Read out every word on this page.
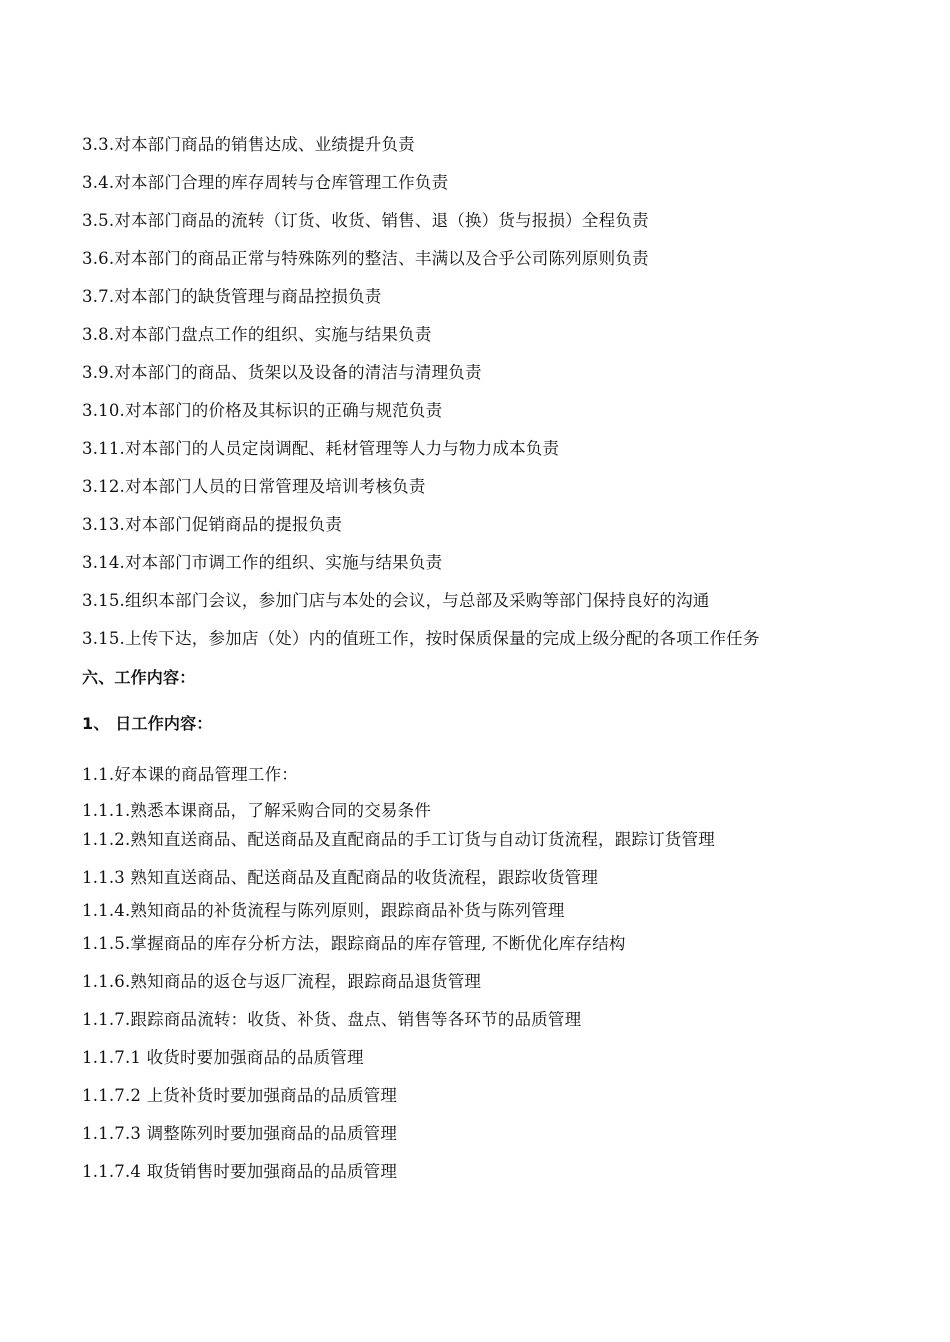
3.3.对本部门商品的销售达成、业绩提升负责
3.4.对本部门合理的库存周转与仓库管理工作负责
3.5.对本部门商品的流转（订货、收货、销售、退（换）货与报损）全程负责
3.6.对本部门的商品正常与特殊陈列的整洁、丰满以及合乎公司陈列原则负责
3.7.对本部门的缺货管理与商品控损负责
3.8.对本部门盘点工作的组织、实施与结果负责
3.9.对本部门的商品、货架以及设备的清洁与清理负责
3.10.对本部门的价格及其标识的正确与规范负责
3.11.对本部门的人员定岗调配、耗材管理等人力与物力成本负责
3.12.对本部门人员的日常管理及培训考核负责
3.13.对本部门促销商品的提报负责
3.14.对本部门市调工作的组织、实施与结果负责
3.15.组织本部门会议，参加门店与本处的会议，与总部及采购等部门保持良好的沟通
3.15.上传下达，参加店（处）内的值班工作，按时保质保量的完成上级分配的各项工作任务
六、工作内容：
1、 日工作内容：
1.1.好本课的商品管理工作：
1.1.1.熟悉本课商品，了解采购合同的交易条件
1.1.2.熟知直送商品、配送商品及直配商品的手工订货与自动订货流程，跟踪订货管理
1.1.3 熟知直送商品、配送商品及直配商品的收货流程，跟踪收货管理
1.1.4.熟知商品的补货流程与陈列原则，跟踪商品补货与陈列管理
1.1.5.掌握商品的库存分析方法，跟踪商品的库存管理, 不断优化库存结构
1.1.6.熟知商品的返仓与返厂流程，跟踪商品退货管理
1.1.7.跟踪商品流转：收货、补货、盘点、销售等各环节的品质管理
1.1.7.1 收货时要加强商品的品质管理
1.1.7.2 上货补货时要加强商品的品质管理
1.1.7.3 调整陈列时要加强商品的品质管理
1.1.7.4 取货销售时要加强商品的品质管理
